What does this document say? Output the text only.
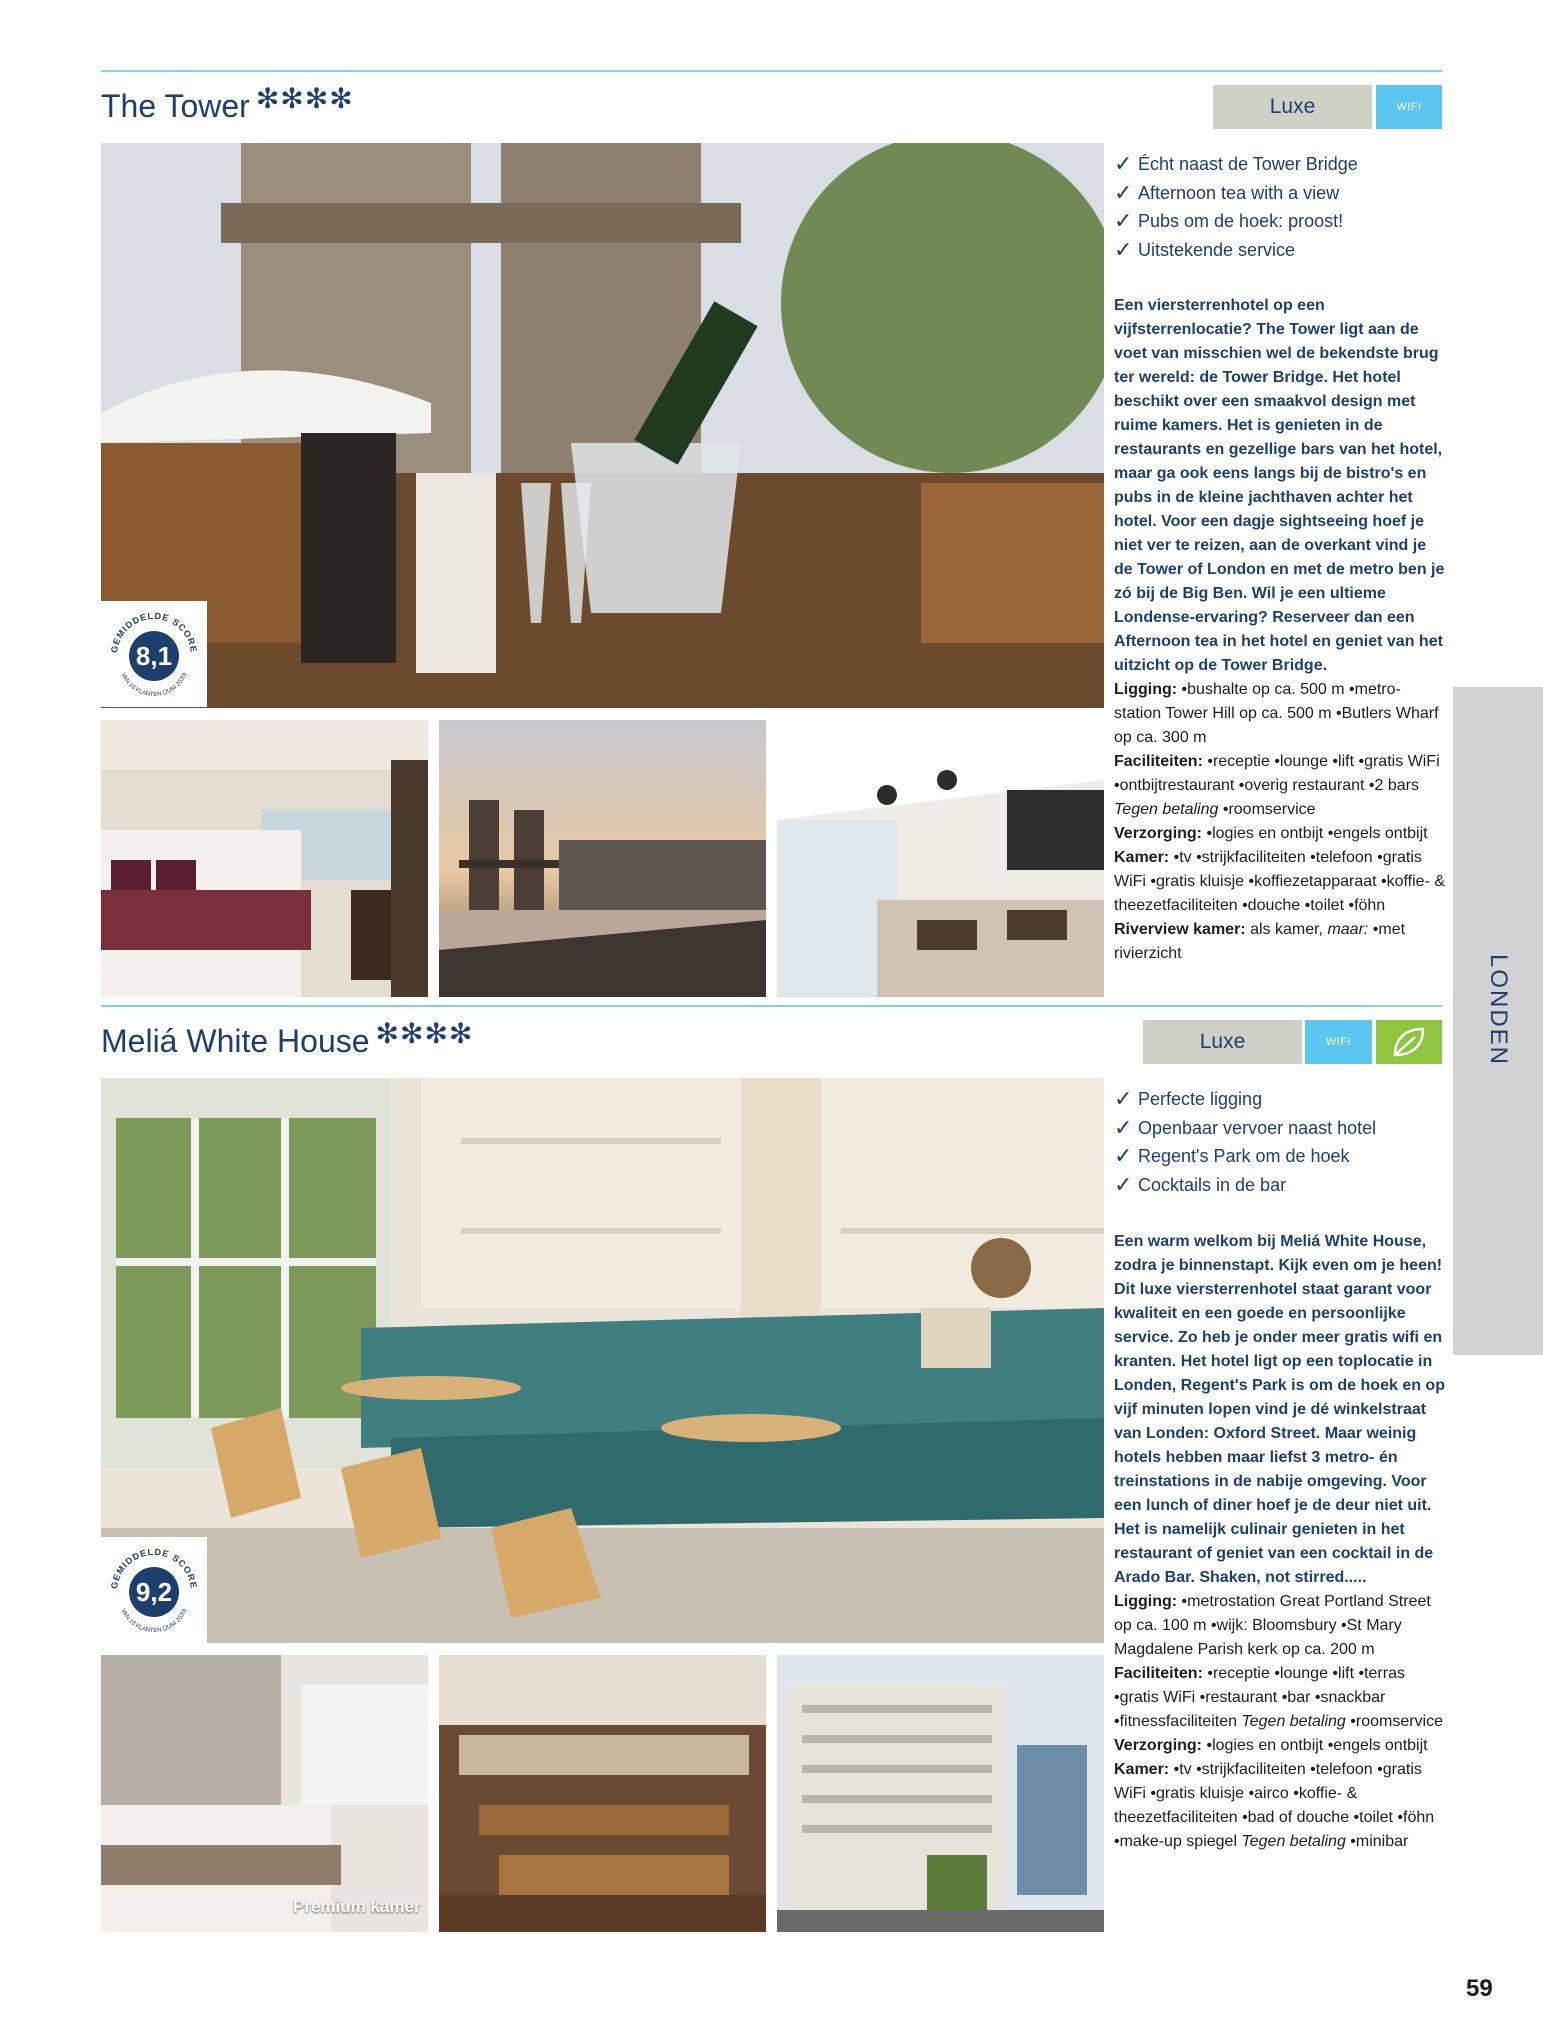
The Tower ✻✻✻✻	Luxe	WIFI
GEMIDDELDE SCORE
VAN 16 KLANTEN (JUNI 2020)
8,1
✓ Écht naast de Tower Bridge
✓ Afternoon tea with a view
✓ Pubs om de hoek: proost!
✓ Uitstekende service
Een viersterrenhotel op een vijfsterrenlocatie? The Tower ligt aan de voet van misschien wel de bekendste brug ter wereld: de Tower Bridge. Het hotel beschikt over een smaakvol design met ruime kamers. Het is genieten in de restaurants en gezellige bars van het hotel, maar ga ook eens langs bij de bistro's en pubs in de kleine jachthaven achter het hotel. Voor een dagje sightseeing hoef je niet ver te reizen, aan de overkant vind je de Tower of London en met de metro ben je zó bij de Big Ben. Wil je een ultieme Londense-ervaring? Reserveer dan een Afternoon tea in het hotel en geniet van het uitzicht op de Tower Bridge.
Ligging: •bushalte op ca. 500 m •metro-station Tower Hill op ca. 500 m •Butlers Wharf op ca. 300 m
Faciliteiten: •receptie •lounge •lift •gratis WiFi •ontbijtrestaurant •overig restaurant •2 bars Tegen betaling •roomservice
Verzorging: •logies en ontbijt •engels ontbijt
Kamer: •tv •strijkfaciliteiten •telefoon •gratis WiFi •gratis kluisje •koffiezetapparaat •koffie- & theezetfaciliteiten •douche •toilet •föhn
Riverview kamer: als kamer, maar: •met rivierzicht
Meliá White House ✻✻✻✻	Luxe	WIFI
GEMIDDELDE SCORE
VAN 10 KLANTEN (JUNI 2020)
9,2
Premium kamer
✓ Perfecte ligging
✓ Openbaar vervoer naast hotel
✓ Regent's Park om de hoek
✓ Cocktails in de bar
Een warm welkom bij Meliá White House, zodra je binnenstapt. Kijk even om je heen! Dit luxe viersterrenhotel staat garant voor kwaliteit en een goede en persoonlijke service. Zo heb je onder meer gratis wifi en kranten. Het hotel ligt op een toplocatie in Londen, Regent's Park is om de hoek en op vijf minuten lopen vind je dé winkelstraat van Londen: Oxford Street. Maar weinig hotels hebben maar liefst 3 metro- én treinstations in de nabije omgeving. Voor een lunch of diner hoef je de deur niet uit. Het is namelijk culinair genieten in het restaurant of geniet van een cocktail in de Arado Bar. Shaken, not stirred.....
Ligging: •metrostation Great Portland Street op ca. 100 m •wijk: Bloomsbury •St Mary Magdalene Parish kerk op ca. 200 m
Faciliteiten: •receptie •lounge •lift •terras •gratis WiFi •restaurant •bar •snackbar •fitnessfaciliteiten Tegen betaling •roomservice
Verzorging: •logies en ontbijt •engels ontbijt
Kamer: •tv •strijkfaciliteiten •telefoon •gratis WiFi •gratis kluisje •airco •koffie- & theezetfaciliteiten •bad of douche •toilet •föhn •make-up spiegel Tegen betaling •minibar
LONDEN
59
